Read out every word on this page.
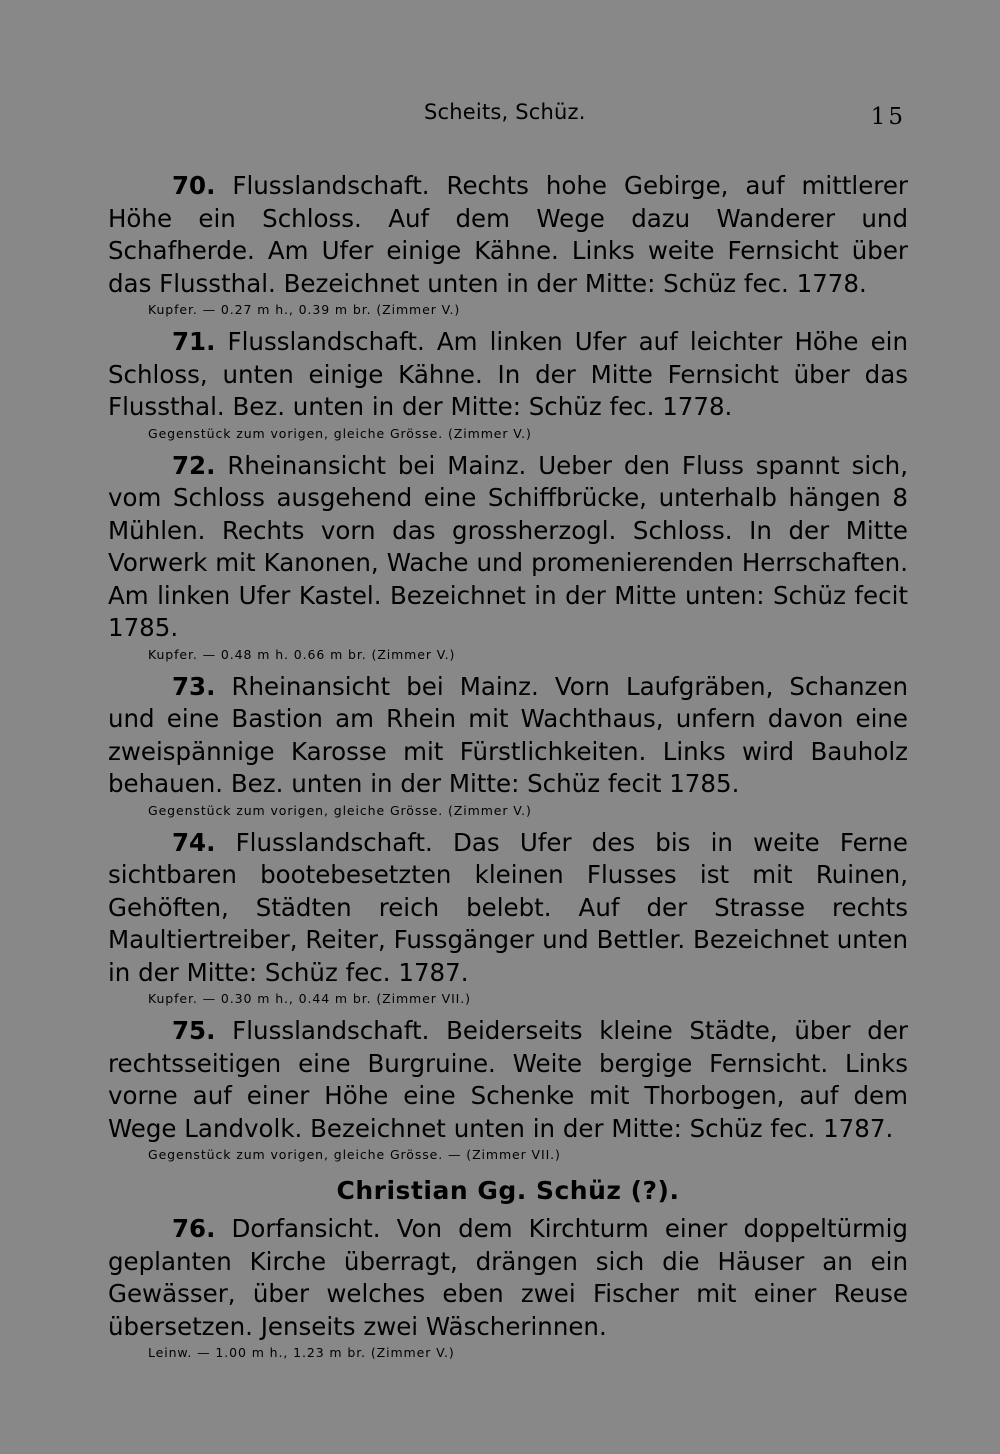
Scheits, Schüz.	15

70. Flusslandschaft. Rechts hohe Gebirge, auf mittlerer Höhe ein Schloss. Auf dem Wege dazu Wanderer und Schafherde. Am Ufer einige Kähne. Links weite Fernsicht über das Flussthal. Bezeichnet unten in der Mitte: Schüz fec. 1778.

Kupfer. — 0.27 m h., 0.39 m br. (Zimmer V.)

71. Flusslandschaft. Am linken Ufer auf leichter Höhe ein Schloss, unten einige Kähne. In der Mitte Fernsicht über das Flussthal. Bez. unten in der Mitte: Schüz fec. 1778.

Gegenstück zum vorigen, gleiche Grösse. (Zimmer V.)

72. Rheinansicht bei Mainz. Ueber den Fluss spannt sich, vom Schloss ausgehend eine Schiffbrücke, unterhalb hängen 8 Mühlen. Rechts vorn das grossherzogl. Schloss. In der Mitte Vorwerk mit Kanonen, Wache und promenierenden Herrschaften. Am linken Ufer Kastel. Bezeichnet in der Mitte unten: Schüz fecit 1785.

Kupfer. — 0.48 m h. 0.66 m br. (Zimmer V.)

73. Rheinansicht bei Mainz. Vorn Laufgräben, Schanzen und eine Bastion am Rhein mit Wachthaus, unfern davon eine zweispännige Karosse mit Fürstlichkeiten. Links wird Bauholz behauen. Bez. unten in der Mitte: Schüz fecit 1785.

Gegenstück zum vorigen, gleiche Grösse. (Zimmer V.)

74. Flusslandschaft. Das Ufer des bis in weite Ferne sichtbaren bootebesetzten kleinen Flusses ist mit Ruinen, Gehöften, Städten reich belebt. Auf der Strasse rechts Maultiertreiber, Reiter, Fussgänger und Bettler. Bezeichnet unten in der Mitte: Schüz fec. 1787.

Kupfer. — 0.30 m h., 0.44 m br. (Zimmer VII.)

75. Flusslandschaft. Beiderseits kleine Städte, über der rechtsseitigen eine Burgruine. Weite bergige Fernsicht. Links vorne auf einer Höhe eine Schenke mit Thorbogen, auf dem Wege Landvolk. Bezeichnet unten in der Mitte: Schüz fec. 1787.

Gegenstück zum vorigen, gleiche Grösse. — (Zimmer VII.)

Christian Gg. Schüz (?).

76. Dorfansicht. Von dem Kirchturm einer doppeltürmig geplanten Kirche überragt, drängen sich die Häuser an ein Gewässer, über welches eben zwei Fischer mit einer Reuse übersetzen. Jenseits zwei Wäscherinnen.

Leinw. — 1.00 m h., 1.23 m br. (Zimmer V.)
